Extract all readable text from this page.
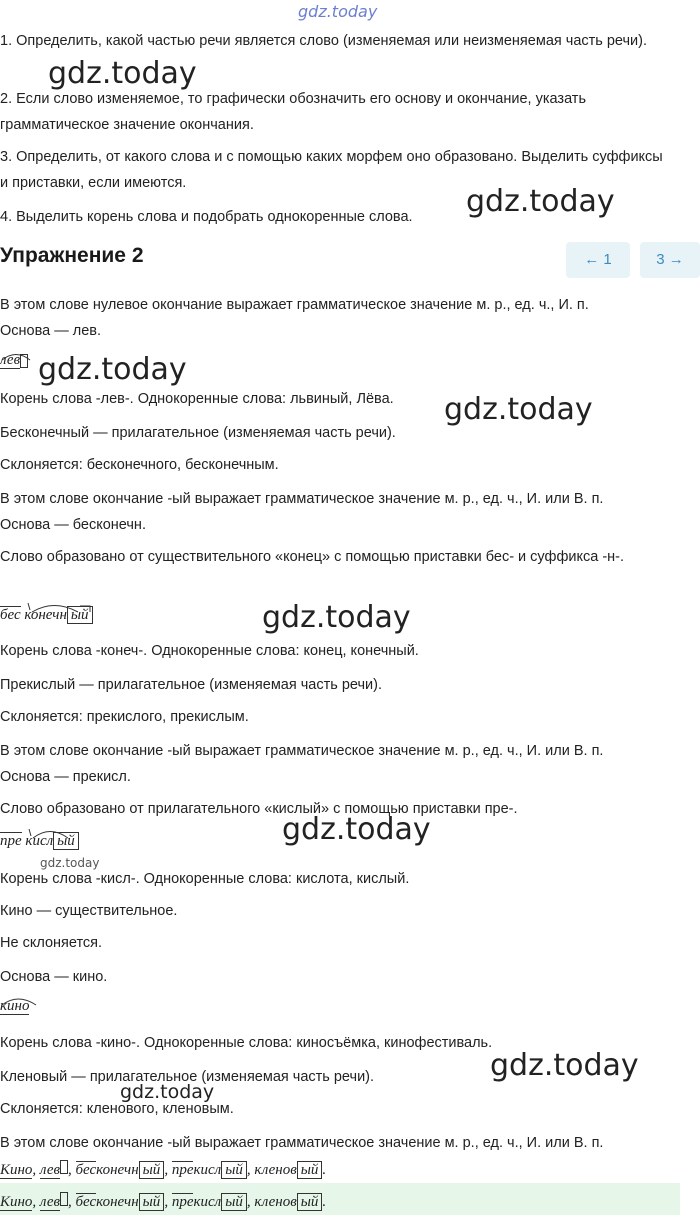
gdz.today
gdz.today
gdz.today
gdz.today
gdz.today
gdz.today
gdz.today
gdz.today
gdz.today
gdz.today
1. Определить, какой частью речи является слово (изменяемая или неизменяемая часть речи).
2. Если слово изменяемое, то графически обозначить его основу и окончание, указать грамматическое значение окончания.
3. Определить, от какого слова и с помощью каких морфем оно образовано. Выделить суффиксы и приставки, если имеются.
4. Выделить корень слова и подобрать однокоренные слова.
Упражнение 2	← 1	3 →
В этом слове нулевое окончание выражает грамматическое значение м. р., ед. ч., И. п.
Основа — лев.
лев
Корень слова -лев-. Однокоренные слова: львиный, Лёва.
Бесконечный — прилагательное (изменяемая часть речи).
Склоняется: бесконечного, бесконечным.
В этом слове окончание -ый выражает грамматическое значение м. р., ед. ч., И. или В. п.
Основа — бесконечн.
Слово образовано от существительного «конец» с помощью приставки бес- и суффикса -н-.
бес конечн ый
Корень слова -конеч-. Однокоренные слова: конец, конечный.
Прекислый — прилагательное (изменяемая часть речи).
Склоняется: прекислого, прекислым.
В этом слове окончание -ый выражает грамматическое значение м. р., ед. ч., И. или В. п.
Основа — прекисл.
Слово образовано от прилагательного «кислый» с помощью приставки пре-.
пре кисл ый
Корень слова -кисл-. Однокоренные слова: кислота, кислый.
Кино — существительное.
Не склоняется.
Основа — кино.
кино
Корень слова -кино-. Однокоренные слова: киносъёмка, кинофестиваль.
Кленовый — прилагательное (изменяемая часть речи).
Склоняется: кленового, кленовым.
В этом слове окончание -ый выражает грамматическое значение м. р., ед. ч., И. или В. п.
Кино, лев , бесконечн ый , прекисл ый , кленов ый .
Кино, лев , бесконечн ый , прекисл ый , кленов ый .
